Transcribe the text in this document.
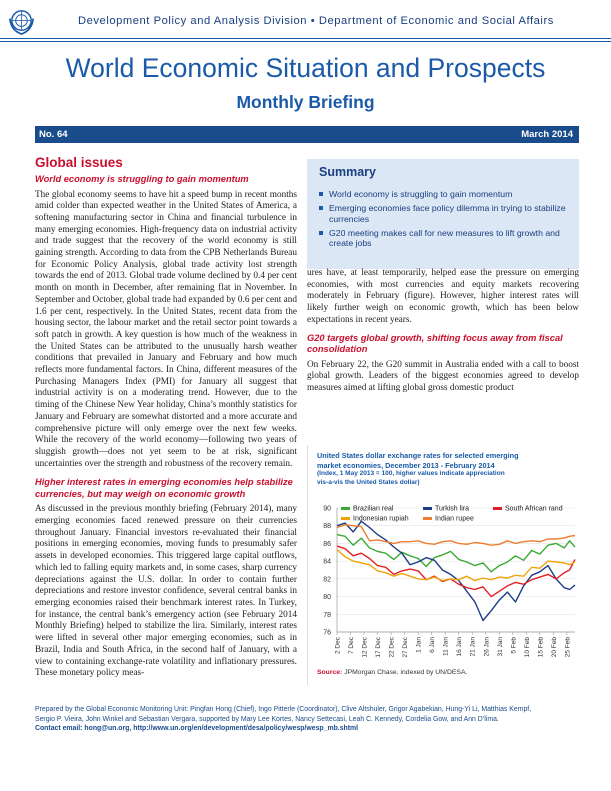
Development Policy and Analysis Division • Department of Economic and Social Affairs
World Economic Situation and Prospects
Monthly Briefing
No. 64	March 2014
Global issues
World economy is struggling to gain momentum

The global economy seems to have hit a speed bump in recent months amid colder than expected weather in the United States of America, a softening manufacturing sector in China and financial turbulence in many emerging economies. High-frequency data on industrial activity and trade suggest that the recovery of the world economy is still gaining strength. According to data from the CPB Netherlands Bureau for Economic Policy Analysis, global trade activity lost strength towards the end of 2013. Global trade volume declined by 0.4 per cent month on month in December, after remaining flat in November. In September and October, global trade had expanded by 0.6 per cent and 1.6 per cent, respectively. In the United States, recent data from the housing sector, the labour market and the retail sector point towards a soft patch in growth. A key question is how much of the weakness in the United States can be attributed to the unusually harsh weather conditions that prevailed in January and February and how much reflects more fundamental factors. In China, different measures of the Purchasing Managers Index (PMI) for January all suggest that industrial activity is on a moderating trend. However, due to the timing of the Chinese New Year holiday, China’s monthly statistics for January and February are somewhat distorted and a more accurate and comprehensive picture will only emerge over the next few weeks. While the recovery of the world economy—following two years of sluggish growth—does not yet seem to be at risk, significant uncertainties over the strength and robustness of the recovery remain.

Higher interest rates in emerging economies help stabilize currencies, but may weigh on economic growth

As discussed in the previous monthly briefing (February 2014), many emerging economies faced renewed pressure on their currencies throughout January. Financial investors re-evaluated their financial positions in emerging economies, moving funds to presumably safer assets in developed economies. This triggered large capital outflows, which led to falling equity markets and, in some cases, sharp currency depreciations against the U.S. dollar. In order to contain further depreciations and restore investor confidence, several central banks in emerging economies raised their benchmark interest rates. In Turkey, for instance, the central bank’s emergency action (see February 2014 Monthly Briefing) helped to stabilize the lira. Similarly, interest rates were lifted in several other major emerging economies, such as in Brazil, India and South Africa, in the second half of January, with a view to containing exchange-rate volatility and inflationary pressures. These monetary policy meas-

Summary
World economy is struggling to gain momentum
Emerging economies face policy dilemma in trying to stabilize currencies
G20 meeting makes call for new measures to lift growth and create jobs

ures have, at least temporarily, helped ease the pressure on emerging economies, with most currencies and equity markets recovering moderately in February (figure). However, higher interest rates will likely further weigh on economic growth, which has been below expectations in recent years.

G20 targets global growth, shifting focus away from fiscal consolidation

On February 22, the G20 summit in Australia ended with a call to boost global growth. Leaders of the biggest economies agreed to develop measures aimed at lifting global gross domestic product

United States dollar exchange rates for selected emerging
market economies, December 2013 - February 2014
(Index, 1 May 2013 = 100, higher values indicate appreciation
vis-a-vis the United States dollar)
76
78
80
82
84
86
88
90
2 Dec 7 Dec 12 Dec 17 Dec 22 Dec 27 Dec 1 Jan 6 Jan 11 Jan 16 Jan 21 Jan 26 Jan 31 Jan 5 Feb 10 Feb 15 Feb 20 Feb 25 Feb
Brazilian real	Turkish lira	South African rand
Indonesian rupiah	Indian rupee
Source: JPMorgan Chase, indexed by UN/DESA.
Prepared by the Global Economic Monitoring Unit: Pingfan Hong (Chief), Ingo Pitterle (Coordinator), Clive Altshuler, Grigor Agabekian, Hung-Yi Li, Matthias Kempf,
Sergio P. Vieira, John Winkel and Sebastian Vergara, supported by Mary Lee Kortes, Nancy Settecasi, Leah C. Kennedy, Cordelia Gow, and Ann D’lima.
Contact email: hong@un.org, http://www.un.org/en/development/desa/policy/wesp/wesp_mb.shtml
